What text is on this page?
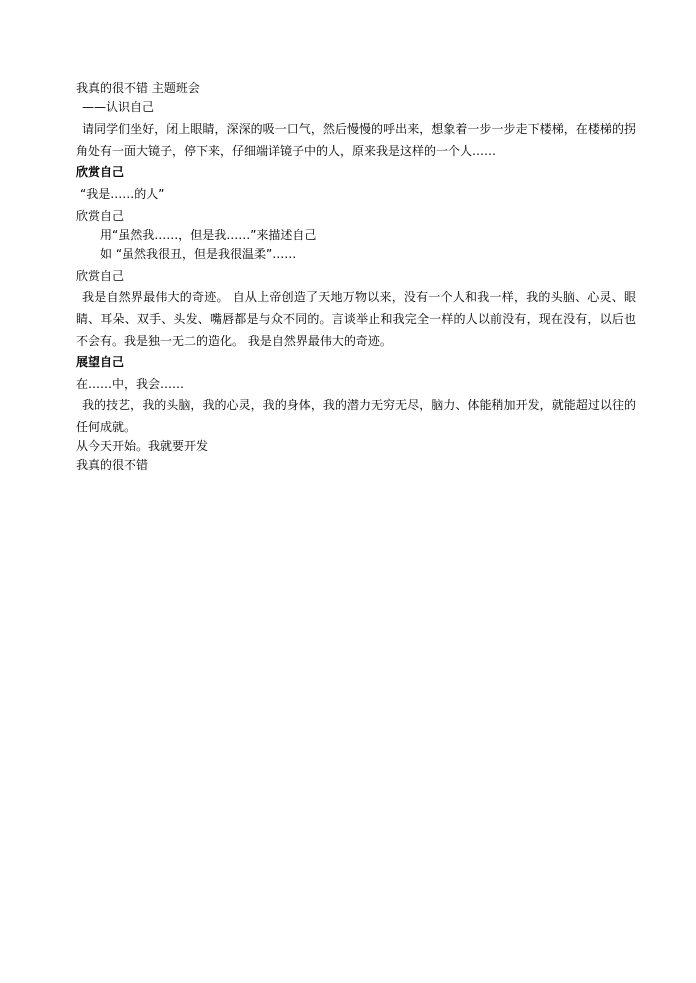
我真的很不错 主题班会
——认识自己
请同学们坐好，闭上眼睛，深深的吸一口气，然后慢慢的呼出来，想象着一步一步走下楼梯，在楼梯的拐角处有一面大镜子，停下来，仔细端详镜子中的人，原来我是这样的一个人……
欣赏自己
“我是……的人”
欣赏自己
用“虽然我……，但是我……”来描述自己
如 “虽然我很丑，但是我很温柔”……
欣赏自己
我是自然界最伟大的奇迹。 自从上帝创造了天地万物以来，没有一个人和我一样，我的头脑、心灵、眼睛、耳朵、双手、头发、嘴唇都是与众不同的。言谈举止和我完全一样的人以前没有，现在没有，以后也不会有。我是独一无二的造化。 我是自然界最伟大的奇迹。
展望自己
在……中，我会……
我的技艺，我的头脑，我的心灵，我的身体，我的潜力无穷无尽，脑力、体能稍加开发，就能超过以往的任何成就。
从今天开始。我就要开发
我真的很不错
